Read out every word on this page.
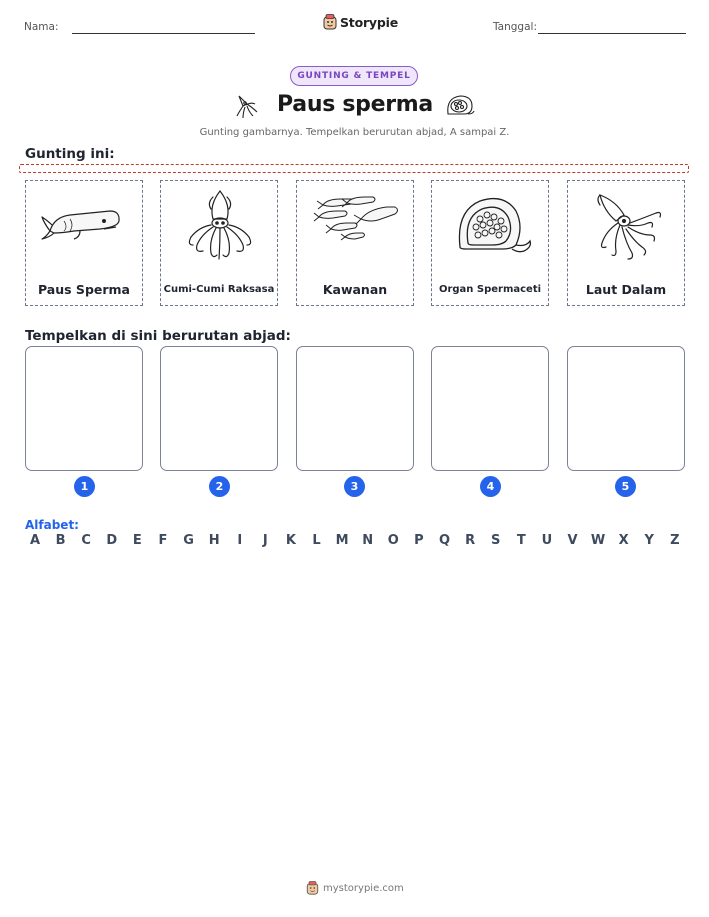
Nama:	Storypie	Tanggal:
GUNTING & TEMPEL
Paus sperma
Gunting gambarnya. Tempelkan berurutan abjad, A sampai Z.
Gunting ini:
Paus Sperma	Cumi-Cumi Raksasa	Kawanan	Organ Spermaceti	Laut Dalam
Tempelkan di sini berurutan abjad:
1	2	3	4	5
Alfabet:
A	B	C	D	E	F	G	H	I	J	K	L	M	N	O	P	Q	R	S	T	U	V	W	X	Y	Z
mystorypie.com
